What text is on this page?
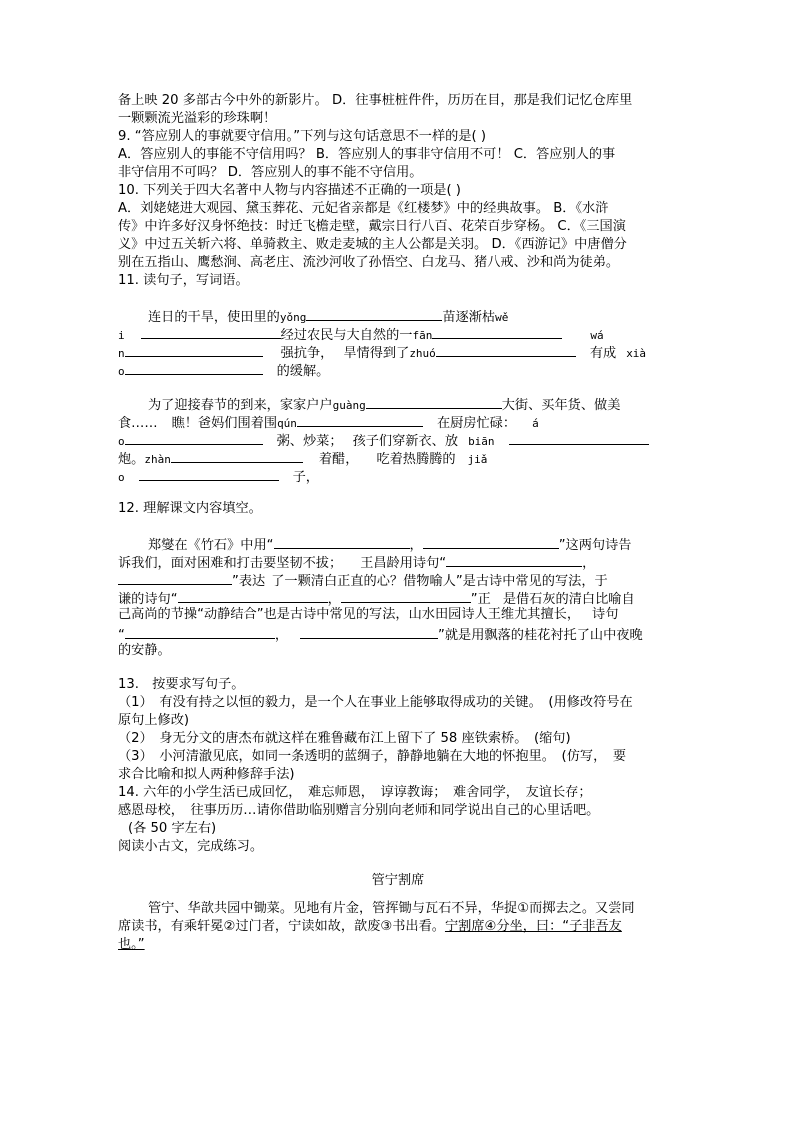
备上映 20 多部古今中外的新影片。 D．往事桩桩件件，历历在目，那是我们记忆仓库里
一颗颗流光溢彩的珍珠啊！
9. “答应别人的事就要守信用。”下列与这句话意思不一样的是( )
A．答应别人的事能不守信用吗？ B．答应别人的事非守信用不可！ C．答应别人的事
非守信用不可吗？ D．答应别人的事不能不守信用。
10. 下列关于四大名著中人物与内容描述不正确的一项是( )
A．刘姥姥进大观园、黛玉葬花、元妃省亲都是《红楼梦》中的经典故事。 B．《水浒
传》中许多好汉身怀绝技：时迁飞檐走壁，戴宗日行八百、花荣百步穿杨。 C．《三国演
义》中过五关斩六将、单骑救主、败走麦城的主人公都是关羽。 D．《西游记》中唐僧分
别在五指山、鹰愁涧、高老庄、流沙河收了孙悟空、白龙马、猪八戒、沙和尚为徒弟。
11. 读句子，写词语。
连日的干旱，使田里的yǒng	苗逐渐枯wě
i	经过农民与大自然的一fān	wá
n	强抗争， 旱情得到了zhuó	有成 xià
o	的缓解。
为了迎接春节的到来，家家户户guàng	大街、买年货、做美
食…… 瞧！爸妈们围着围qún	在厨房忙碌： á
o	粥、炒菜； 孩子们穿新衣、放 biān
炮。zhàn	着醋， 吃着热腾腾的 jiǎ
o	子，
12. 理解课文内容填空。
郑燮在《竹石》中用“	，	”这两句诗告
诉我们，面对困难和打击要坚韧不拔； 王昌龄用诗句“	，
”表达 了一颗清白正直的心？借物喻人”是古诗中常见的写法，于
谦的诗句“	，	”正 是借石灰的清白比喻自
己高尚的节操“动静结合”也是古诗中常见的写法，山水田园诗人王维尤其擅长， 诗句
“	，	”就是用飘落的桂花衬托了山中夜晚
的安静。
13.　按要求写句子。
（1）　有没有持之以恒的毅力，是一个人在事业上能够取得成功的关键。　(用修改符号在
原句上修改)
（2）　身无分文的唐杰布就这样在雅鲁藏布江上留下了 58 座铁索桥。　(缩句)
（3）　小河清澈见底，如同一条透明的蓝绸子，静静地躺在大地的怀抱里。　(仿写，　要
求合比喻和拟人两种修辞手法)
14. 六年的小学生活已成回忆，　难忘师恩，　谆谆教诲；　难舍同学，　友谊长存；
感恩母校，　往事历历…请你借助临别赠言分别向老师和同学说出自己的心里话吧。
(各 50 字左右)
阅读小古文，完成练习。
管宁割席
管宁、华歆共园中锄菜。见地有片金，管挥锄与瓦石不异，华捉①而掷去之。又尝同
席读书，有乘轩冕②过门者，宁读如故，歆废③书出看。宁割席④分坐，曰：“子非吾友
也。”
